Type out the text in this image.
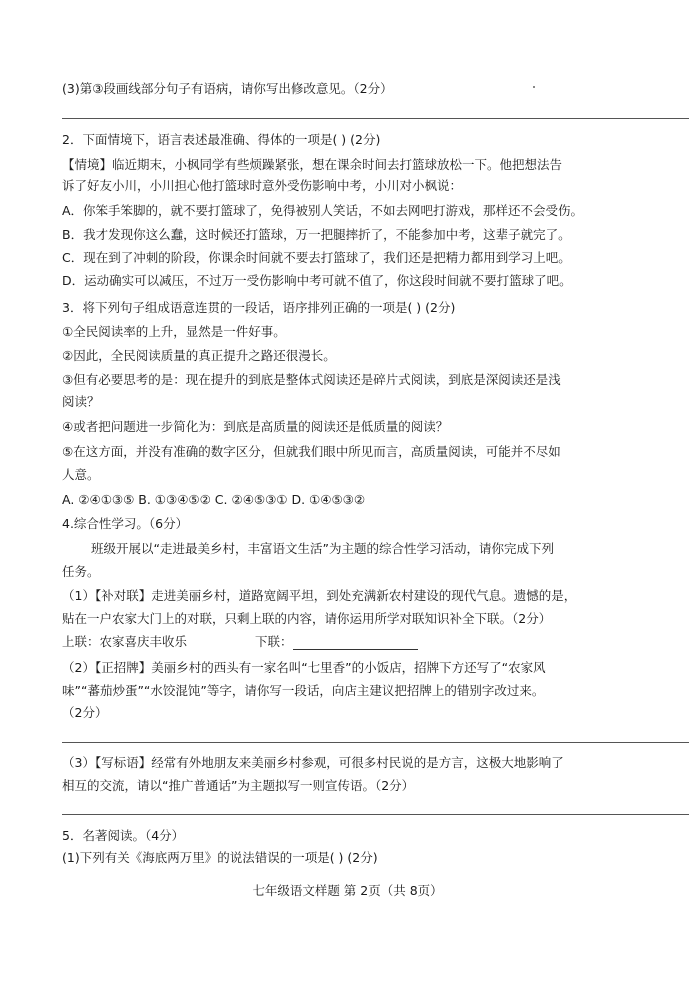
(3)第③段画线部分句子有语病，请你写出修改意见。（2分）
2．下面情境下，语言表述最准确、得体的一项是( ) (2分)
【情境】临近期末，小枫同学有些烦躁紧张，想在课余时间去打篮球放松一下。他把想法告
诉了好友小川，小川担心他打篮球时意外受伤影响中考，小川对小枫说：
A．你笨手笨脚的，就不要打篮球了，免得被别人笑话，不如去网吧打游戏，那样还不会受伤。
B．我才发现你这么蠢，这时候还打篮球，万一把腿摔折了，不能参加中考，这辈子就完了。
C．现在到了冲刺的阶段，你课余时间就不要去打篮球了，我们还是把精力都用到学习上吧。
D．运动确实可以减压，不过万一受伤影响中考可就不值了，你这段时间就不要打篮球了吧。
3．将下列句子组成语意连贯的一段话，语序排列正确的一项是( ) (2分)
①全民阅读率的上升，显然是一件好事。
②因此，全民阅读质量的真正提升之路还很漫长。
③但有必要思考的是：现在提升的到底是整体式阅读还是碎片式阅读，到底是深阅读还是浅
阅读？
④或者把问题进一步简化为：到底是高质量的阅读还是低质量的阅读？
⑤在这方面，并没有准确的数字区分，但就我们眼中所见而言，高质量阅读，可能并不尽如
人意。
A. ②④①③⑤ B. ①③④⑤② C. ②④⑤③① D. ①④⑤③②
4.综合性学习。（6分）
班级开展以“走进最美乡村，丰富语文生活”为主题的综合性学习活动，请你完成下列
任务。
（1）【补对联】走进美丽乡村，道路宽阔平坦，到处充满新农村建设的现代气息。遗憾的是，
贴在一户农家大门上的对联，只剩上联的内容，请你运用所学对联知识补全下联。（2分）
上联：农家喜庆丰收乐	下联：
（2）【正招牌】美丽乡村的西头有一家名叫“七里香”的小饭店，招牌下方还写了“农家风
味”“蕃茄炒蛋”“水饺混饨”等字，请你写一段话，向店主建议把招牌上的错别字改过来。
（2分）
（3）【写标语】经常有外地朋友来美丽乡村参观，可很多村民说的是方言，这极大地影响了
相互的交流，请以“推广普通话”为主题拟写一则宣传语。（2分）
5．名著阅读。（4分）
(1)下列有关《海底两万里》的说法错误的一项是( ) (2分)
七年级语文样题 第 2页（共 8页）
